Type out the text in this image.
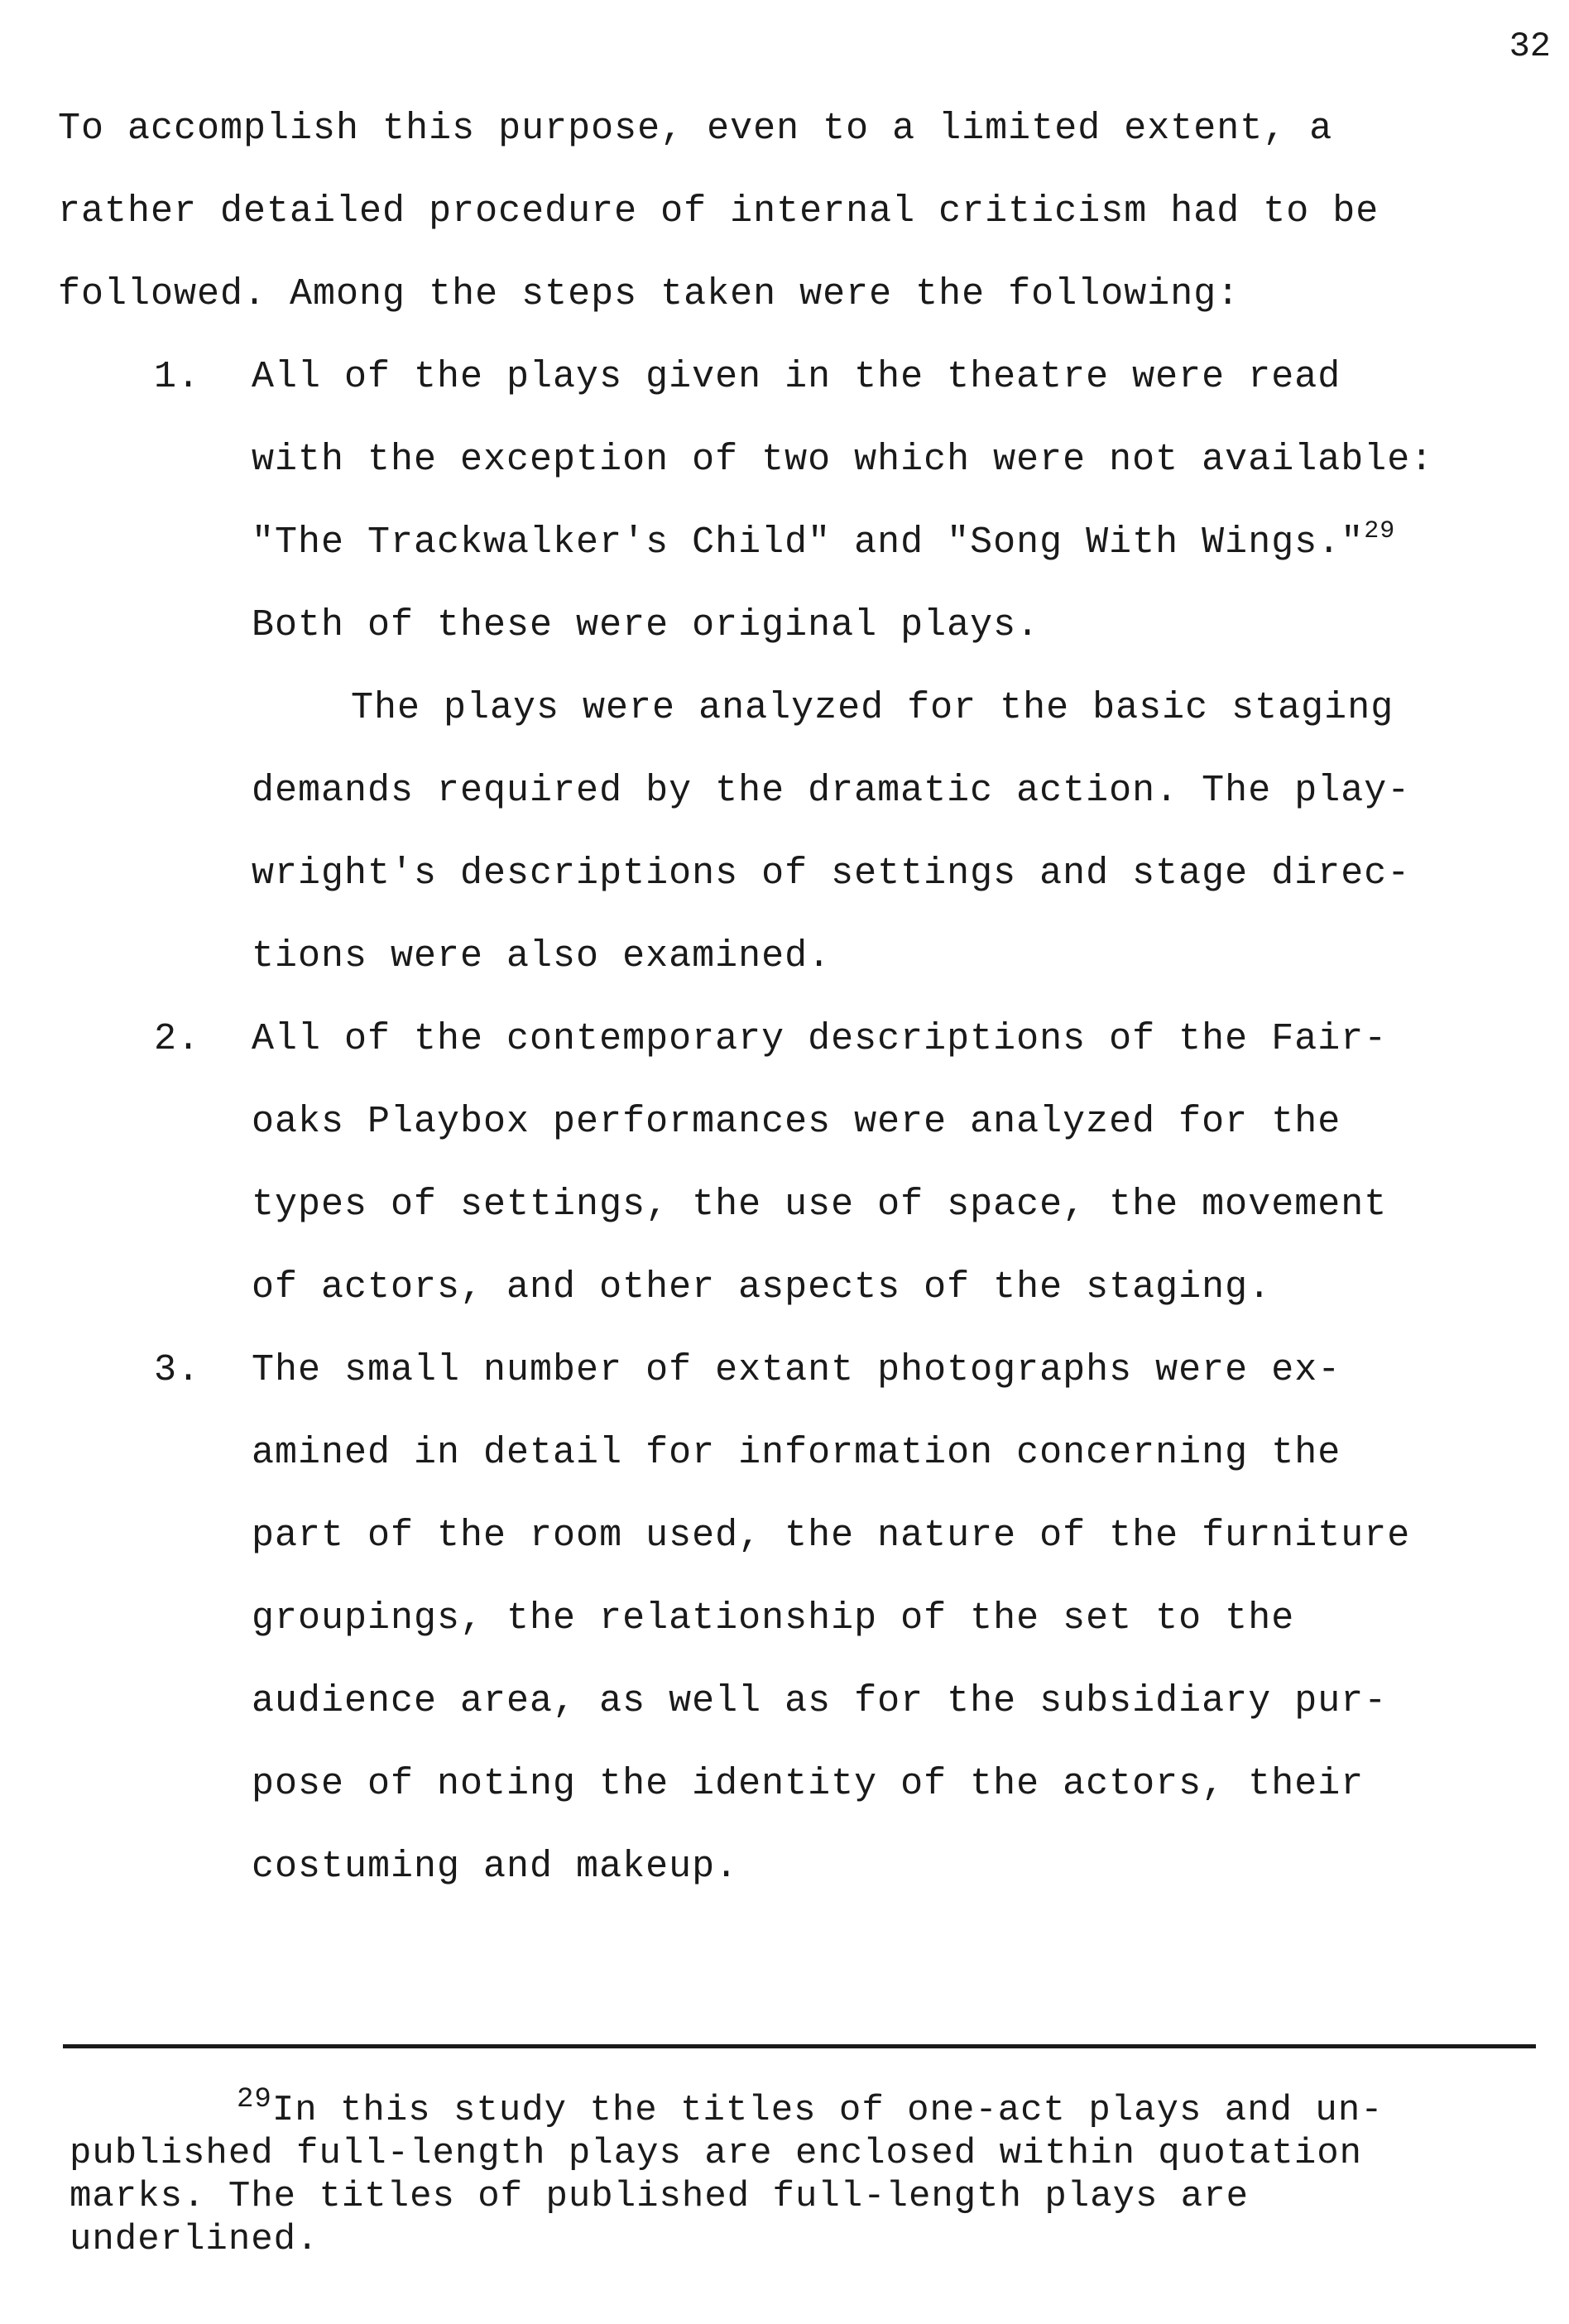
32
To accomplish this purpose, even to a limited extent, a
rather detailed procedure of internal criticism had to be
followed. Among the steps taken were the following:
1. All of the plays given in the theatre were read
with the exception of two which were not available:
"The Trackwalker's Child" and "Song With Wings."$^{29}$
Both of these were original plays.
The plays were analyzed for the basic staging
demands required by the dramatic action. The play-
wright's descriptions of settings and stage direc-
tions were also examined.
2. All of the contemporary descriptions of the Fair-
oaks Playbox performances were analyzed for the
types of settings, the use of space, the movement
of actors, and other aspects of the staging.
3. The small number of extant photographs were ex-
amined in detail for information concerning the
part of the room used, the nature of the furniture
groupings, the relationship of the set to the
audience area, as well as for the subsidiary pur-
pose of noting the identity of the actors, their
costuming and makeup.
$^{29}$In this study the titles of one-act plays and un-
published full-length plays are enclosed within quotation
marks. The titles of published full-length plays are
underlined.
